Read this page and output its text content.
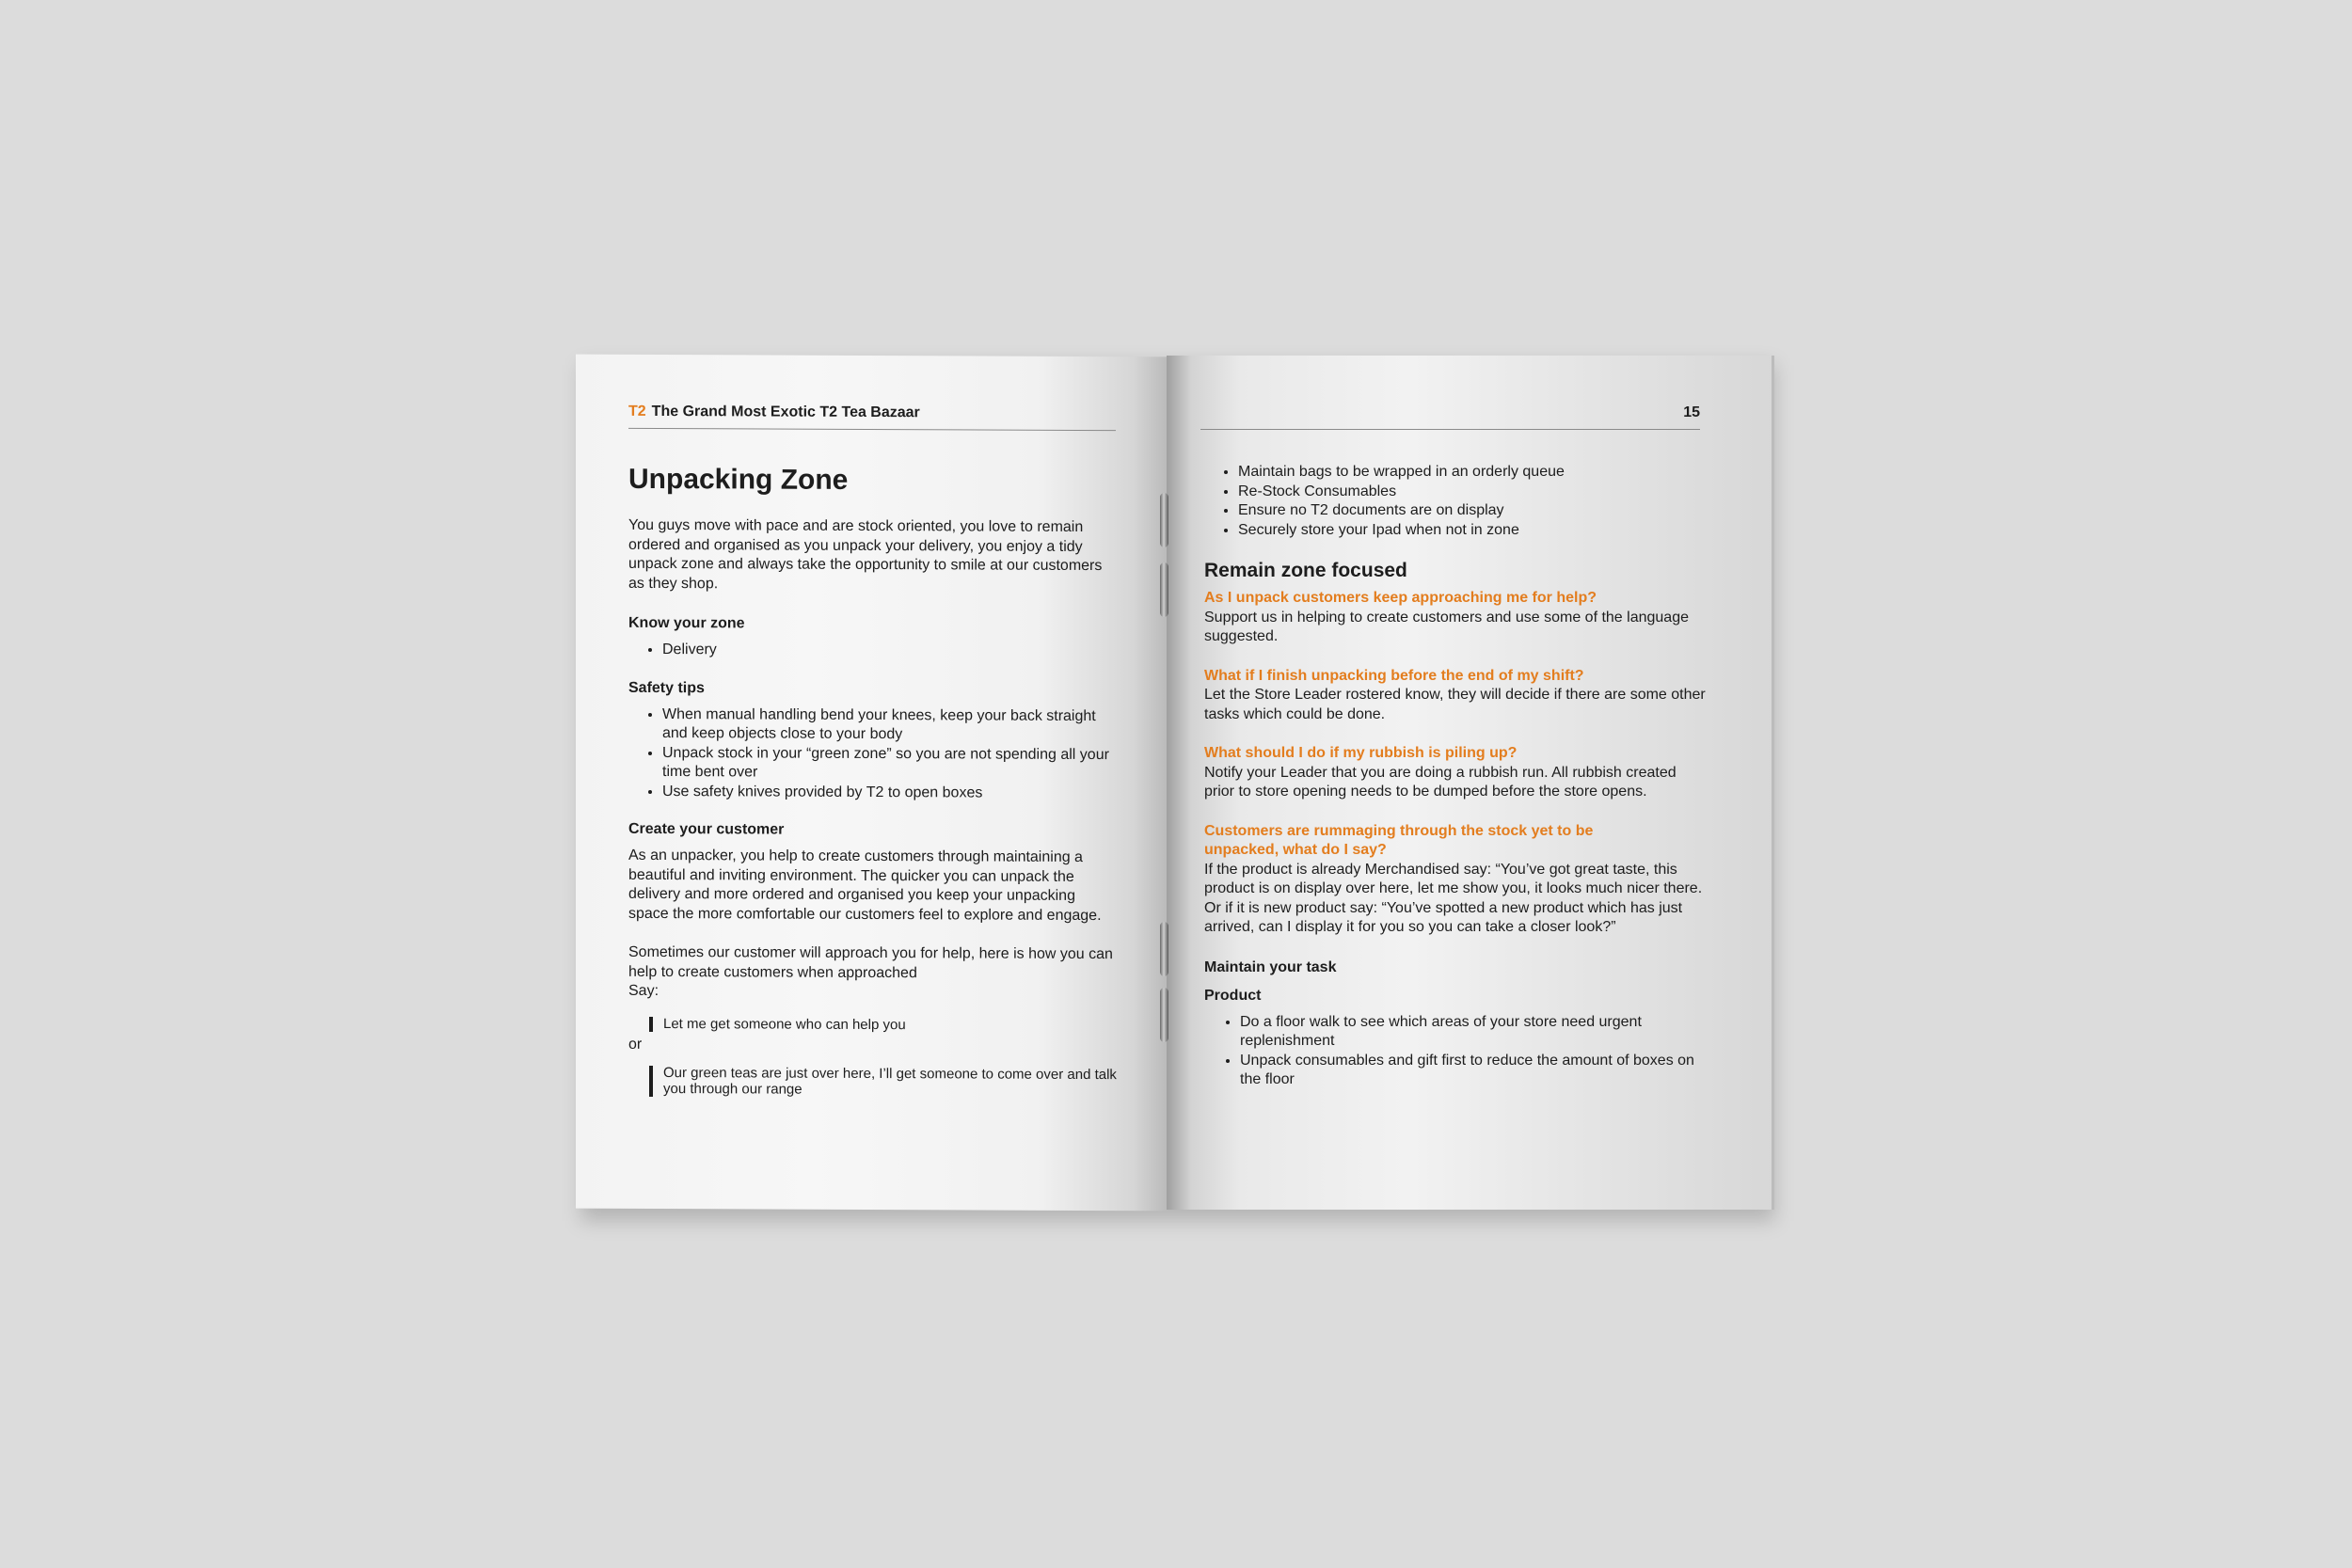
T2 The Grand Most Exotic T2 Tea Bazaar
Unpacking Zone

You guys move with pace and are stock oriented, you love to remain ordered and organised as you unpack your delivery, you enjoy a tidy unpack zone and always take the opportunity to smile at our customers as they shop.

Know your zone
• Delivery
Safety tips
• When manual handling bend your knees, keep your back straight and keep objects close to your body
• Unpack stock in your “green zone” so you are not spending all your time bent over
• Use safety knives provided by T2 to open boxes
Create your customer

As an unpacker, you help to create customers through maintaining a beautiful and inviting environment. The quicker you can unpack the delivery and more ordered and organised you keep your unpacking space the more comfortable our customers feel to explore and engage.

Sometimes our customer will approach you for help, here is how you can help to create customers when approached

Say:

Let me get someone who can help you
or
Our green teas are just over here, I’ll get someone to come over and talk you through our range
15
• Maintain bags to be wrapped in an orderly queue
• Re-Stock Consumables
• Ensure no T2 documents are on display
• Securely store your Ipad when not in zone
Remain zone focused
As I unpack customers keep approaching me for help?

Support us in helping to create customers and use some of the language suggested.

What if I finish unpacking before the end of my shift?

Let the Store Leader rostered know, they will decide if there are some other tasks which could be done.

What should I do if my rubbish is piling up?

Notify your Leader that you are doing a rubbish run. All rubbish created prior to store opening needs to be dumped before the store opens.

Customers are rummaging through the stock yet to be unpacked, what do I say?

If the product is already Merchandised say: “You’ve got great taste, this product is on display over here, let me show you, it looks much nicer there. Or if it is new product say: “You’ve spotted a new product which has just arrived, can I display it for you so you can take a closer look?”

Maintain your task
Product
• Do a floor walk to see which areas of your store need urgent replenishment
• Unpack consumables and gift first to reduce the amount of boxes on the floor
